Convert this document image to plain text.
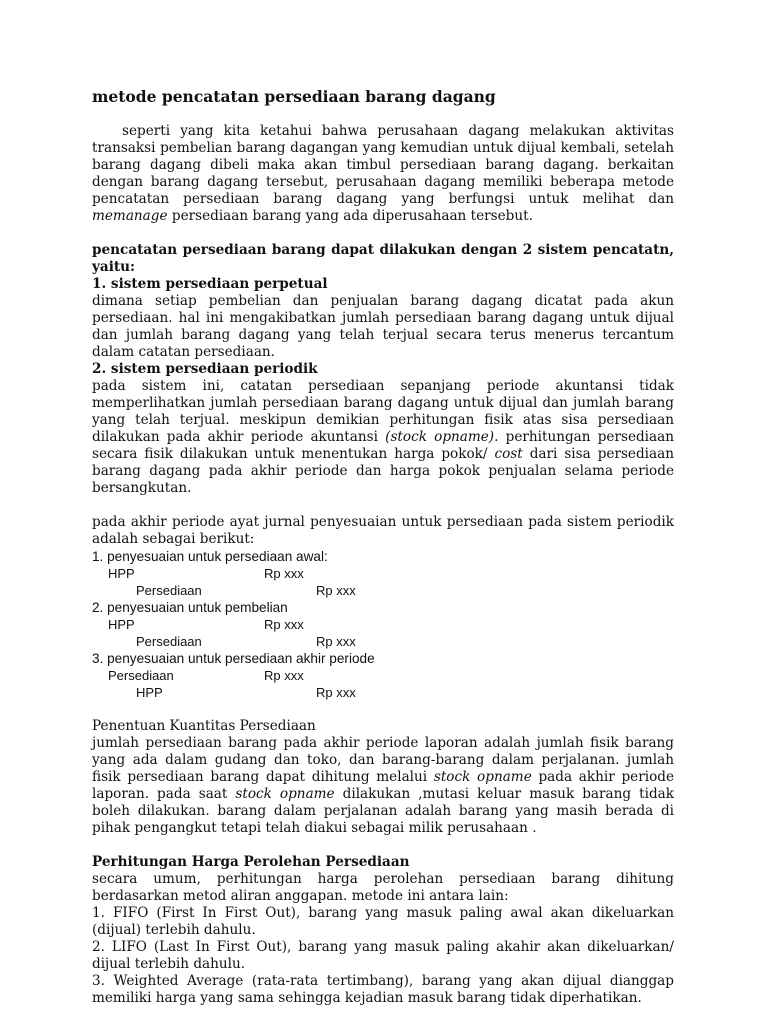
metode pencatatan persediaan barang dagang

seperti yang kita ketahui bahwa perusahaan dagang melakukan aktivitas transaksi pembelian barang dagangan yang kemudian untuk dijual kembali, setelah barang dagang dibeli maka akan timbul persediaan barang dagang. berkaitan dengan barang dagang tersebut, perusahaan dagang memiliki beberapa metode pencatatan persediaan barang dagang yang berfungsi untuk melihat dan memanage persediaan barang yang ada diperusahaan tersebut.

pencatatan persediaan barang dapat dilakukan dengan 2 sistem pencatatn, yaitu:

1. sistem persediaan perpetual

dimana setiap pembelian dan penjualan barang dagang dicatat pada akun persediaan. hal ini mengakibatkan jumlah persediaan barang dagang untuk dijual dan jumlah barang dagang yang telah terjual secara terus menerus tercantum dalam catatan persediaan.

2. sistem persediaan periodik

pada sistem ini, catatan persediaan sepanjang periode akuntansi tidak memperlihatkan jumlah persediaan barang dagang untuk dijual dan jumlah barang yang telah terjual. meskipun demikian perhitungan fisik atas sisa persediaan dilakukan pada akhir periode akuntansi (stock opname). perhitungan persediaan secara fisik dilakukan untuk menentukan harga pokok/ cost dari sisa persediaan barang dagang pada akhir periode dan harga pokok penjualan selama periode bersangkutan.

pada akhir periode ayat jurnal penyesuaian untuk persediaan pada sistem periodik adalah sebagai berikut:

1. penyesuaian untuk persediaan awal:
HPP	Rp xxx
Persediaan	Rp xxx
2. penyesuaian untuk pembelian
HPP	Rp xxx
Persediaan	Rp xxx
3. penyesuaian untuk persediaan akhir periode
Persediaan	Rp xxx
HPP	Rp xxx

Penentuan Kuantitas Persediaan

jumlah persediaan barang pada akhir periode laporan adalah jumlah fisik barang yang ada dalam gudang dan toko, dan barang-barang dalam perjalanan. jumlah fisik persediaan barang dapat dihitung melalui stock opname pada akhir periode laporan. pada saat stock opname dilakukan ,mutasi keluar masuk barang tidak boleh dilakukan. barang dalam perjalanan adalah barang yang masih berada di pihak pengangkut tetapi telah diakui sebagai milik perusahaan .

Perhitungan Harga Perolehan Persediaan

secara umum, perhitungan harga perolehan persediaan barang dihitung berdasarkan metod aliran anggapan. metode ini antara lain:

1. FIFO (First In First Out), barang yang masuk paling awal akan dikeluarkan (dijual) terlebih dahulu.

2. LIFO (Last In First Out), barang yang masuk paling akahir akan dikeluarkan/ dijual terlebih dahulu.

3. Weighted Average (rata-rata tertimbang), barang yang akan dijual dianggap memiliki harga yang sama sehingga kejadian masuk barang tidak diperhatikan.
